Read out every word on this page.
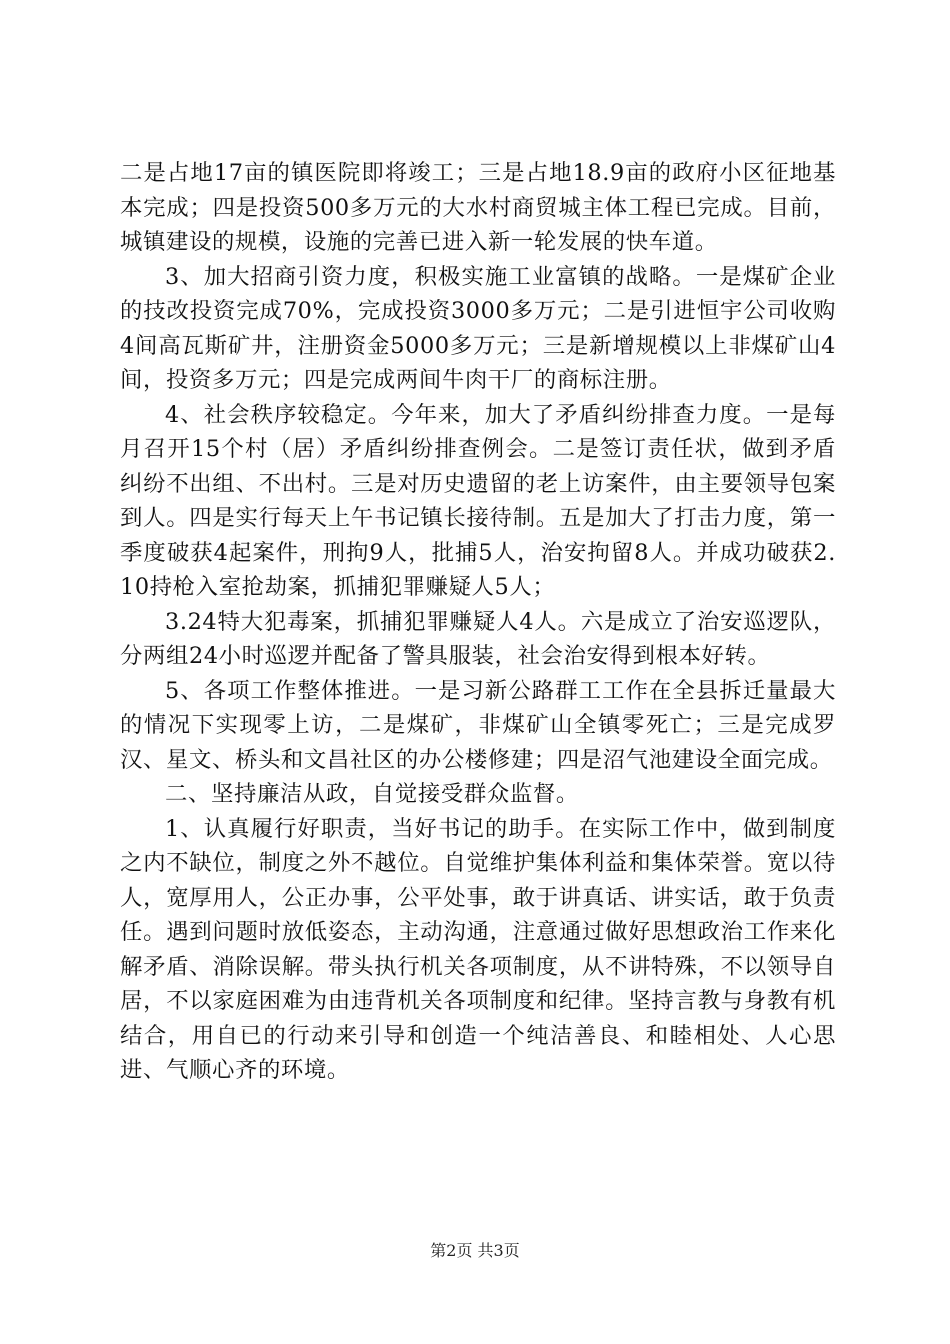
二是占地17亩的镇医院即将竣工；三是占地18.9亩的政府小区征地基本完成；四是投资500多万元的大水村商贸城主体工程已完成。目前，城镇建设的规模，设施的完善已进入新一轮发展的快车道。

3、加大招商引资力度，积极实施工业富镇的战略。一是煤矿企业的技改投资完成70%，完成投资3000多万元；二是引进恒宇公司收购4间高瓦斯矿井，注册资金5000多万元；三是新增规模以上非煤矿山4间，投资多万元；四是完成两间牛肉干厂的商标注册。

4、社会秩序较稳定。今年来，加大了矛盾纠纷排查力度。一是每月召开15个村（居）矛盾纠纷排查例会。二是签订责任状，做到矛盾纠纷不出组、不出村。三是对历史遗留的老上访案件，由主要领导包案到人。四是实行每天上午书记镇长接待制。五是加大了打击力度，第一季度破获4起案件，刑拘9人，批捕5人，治安拘留8人。并成功破获2.10持枪入室抢劫案，抓捕犯罪赚疑人5人；

3.24特大犯毒案，抓捕犯罪赚疑人4人。六是成立了治安巡逻队，分两组24小时巡逻并配备了警具服装，社会治安得到根本好转。

5、各项工作整体推进。一是习新公路群工工作在全县拆迁量最大的情况下实现零上访，二是煤矿，非煤矿山全镇零死亡；三是完成罗汉、星文、桥头和文昌社区的办公楼修建；四是沼气池建设全面完成。

二、坚持廉洁从政，自觉接受群众监督。

1、认真履行好职责，当好书记的助手。在实际工作中，做到制度之内不缺位，制度之外不越位。自觉维护集体利益和集体荣誉。宽以待人，宽厚用人，公正办事，公平处事，敢于讲真话、讲实话，敢于负责任。遇到问题时放低姿态，主动沟通，注意通过做好思想政治工作来化解矛盾、消除误解。带头执行机关各项制度，从不讲特殊，不以领导自居，不以家庭困难为由违背机关各项制度和纪律。坚持言教与身教有机结合，用自已的行动来引导和创造一个纯洁善良、和睦相处、人心思进、气顺心齐的环境。

第2页 共3页
